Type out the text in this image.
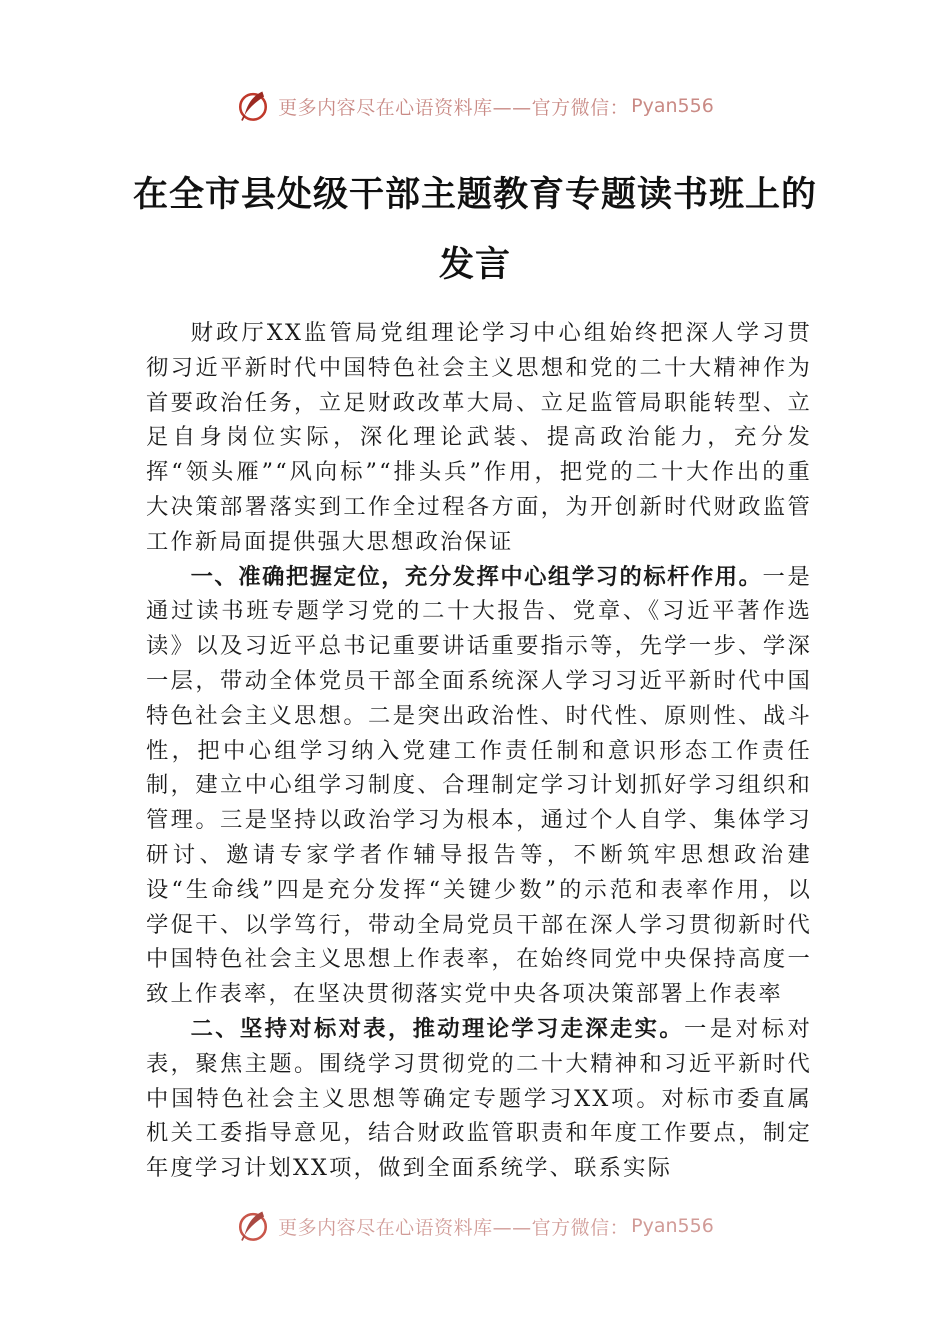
更多内容尽在心语资料库——官方微信： Pyan556
在全市县处级干部主题教育专题读书班上的发言

财政厅XX监管局党组理论学习中心组始终把深人学习贯彻习近平新时代中国特色社会主义思想和党的二十大精神作为首要政治任务，立足财政改革大局、立足监管局职能转型、立足自身岗位实际，深化理论武装、提高政治能力，充分发挥“领头雁”“风向标”“排头兵”作用，把党的二十大作出的重大决策部署落实到工作全过程各方面，为开创新时代财政监管工作新局面提供强大思想政治保证

一、准确把握定位，充分发挥中心组学习的标杆作用。一是通过读书班专题学习党的二十大报告、党章、《习近平著作选读》以及习近平总书记重要讲话重要指示等，先学一步、学深一层，带动全体党员干部全面系统深人学习习近平新时代中国特色社会主义思想。二是突出政治性、时代性、原则性、战斗性，把中心组学习纳入党建工作责任制和意识形态工作责任制，建立中心组学习制度、合理制定学习计划抓好学习组织和管理。三是坚持以政治学习为根本，通过个人自学、集体学习研讨、邀请专家学者作辅导报告等，不断筑牢思想政治建设“生命线”四是充分发挥“关键少数”的示范和表率作用，以学促干、以学笃行，带动全局党员干部在深人学习贯彻新时代中国特色社会主义思想上作表率，在始终同党中央保持高度一致上作表率，在坚决贯彻落实党中央各项决策部署上作表率

二、坚持对标对表，推动理论学习走深走实。一是对标对表，聚焦主题。围绕学习贯彻党的二十大精神和习近平新时代中国特色社会主义思想等确定专题学习XX项。对标市委直属机关工委指导意见，结合财政监管职责和年度工作要点，制定年度学习计划XX项，做到全面系统学、联系实际

更多内容尽在心语资料库——官方微信： Pyan556
